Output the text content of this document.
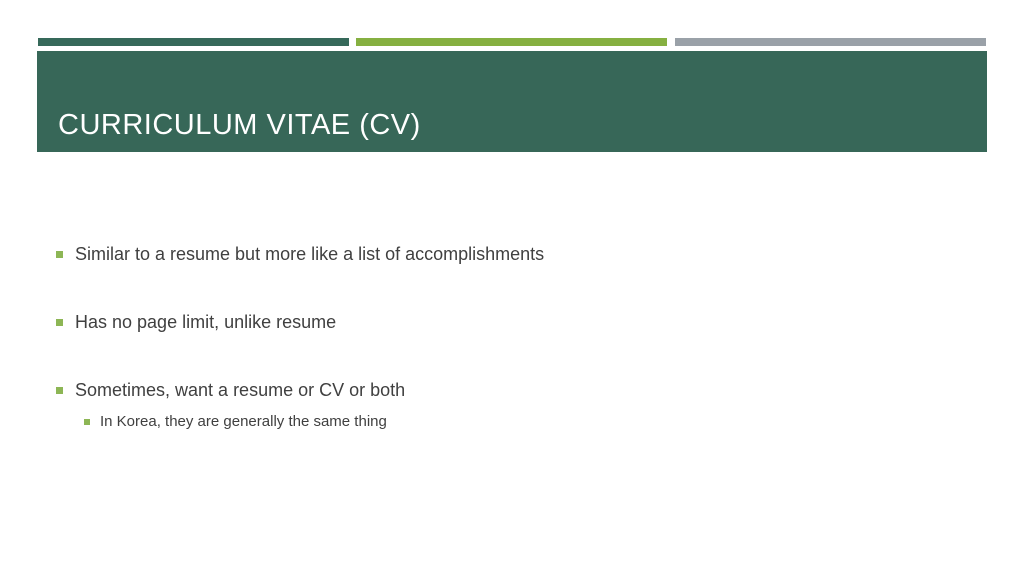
CURRICULUM VITAE (CV)
Similar to a resume but more like a list of accomplishments
Has no page limit, unlike resume
Sometimes, want a resume or CV or both
In Korea, they are generally the same thing
